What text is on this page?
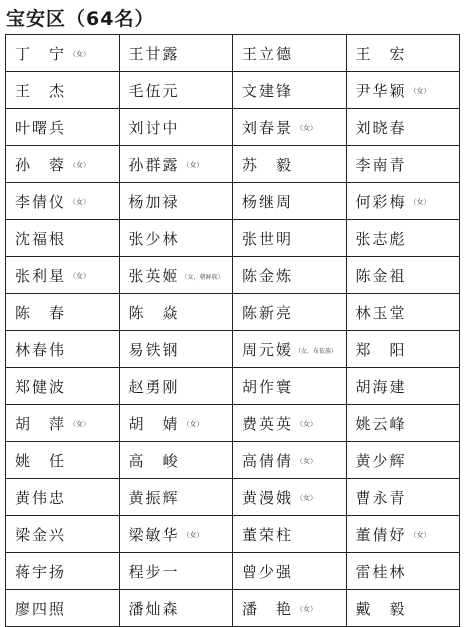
宝安区（64名）
丁　宁 （女）	王甘露	王立德	王　宏
王　杰	毛伍元	文建锋	尹华颖 （女）
叶曙兵	刘讨中	刘春景 （女）	刘晓春
孙　蓉 （女）	孙群露 （女）	苏　毅	李南青
李倩仪 （女）	杨加禄	杨继周	何彩梅 （女）
沈福根	张少林	张世明	张志彪
张利星 （女）	张英姬 （女，朝鲜族）	陈金炼	陈金祖
陈　春	陈　焱	陈新亮	林玉堂
林春伟	易铁钢	周元媛 （女，布依族）	郑　阳
郑健波	赵勇刚	胡作寰	胡海建
胡　萍 （女）	胡　婧 （女）	费英英 （女）	姚云峰
姚　任	高　峻	高倩倩 （女）	黄少辉
黄伟忠	黄振辉	黄漫娥 （女）	曹永青
梁金兴	梁敏华 （女）	董荣柱	董倩妤 （女）
蒋宇扬	程步一	曾少强	雷桂林
廖四照	潘灿森	潘　艳 （女）	戴　毅
